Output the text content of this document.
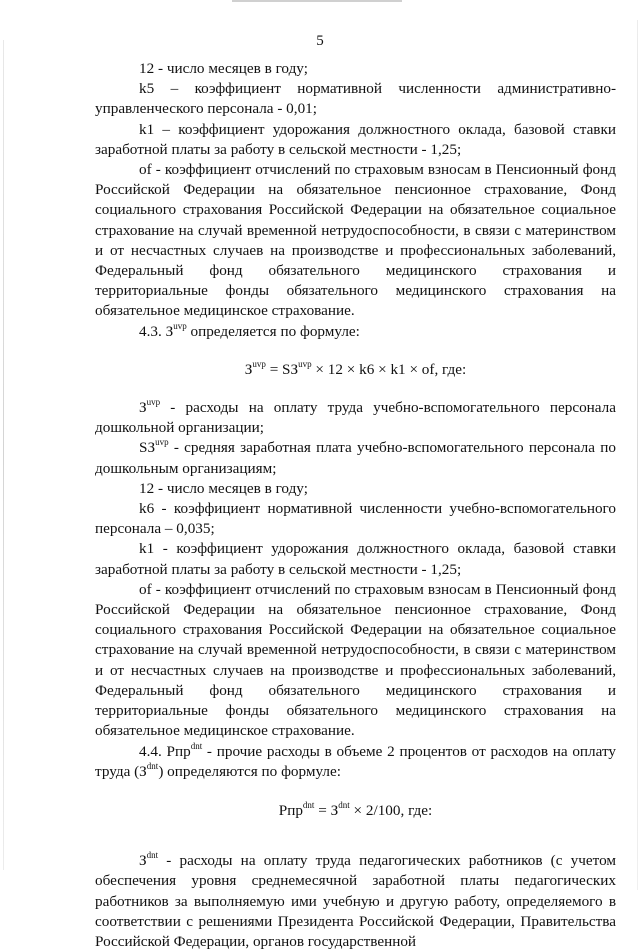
5

12 - число месяцев в году;

k5 – коэффициент нормативной численности административно-управленческого персонала - 0,01;

k1 – коэффициент удорожания должностного оклада, базовой ставки заработной платы за работу в сельской местности - 1,25;

of - коэффициент отчислений по страховым взносам в Пенсионный фонд Российской Федерации на обязательное пенсионное страхование, Фонд социального страхования Российской Федерации на обязательное социальное страхование на случай временной нетрудоспособности, в связи с материнством и от несчастных случаев на производстве и профессиональных заболеваний, Федеральный фонд обязательного медицинского страхования и территориальные фонды обязательного медицинского страхования на обязательное медицинское страхование.

4.3. $З^{uvp}$ определяется по формуле:

$З^{uvp} = SЗ^{uvp} \times 12 \times k6 \times k1$ × of, где:

$З^{uvp}$ - расходы на оплату труда учебно-вспомогательного персонала дошкольной организации;

$SЗ^{uvp}$ - средняя заработная плата учебно-вспомогательного персонала по дошкольным организациям;

12 - число месяцев в году;

k6 - коэффициент нормативной численности учебно-вспомогательного персонала – 0,035;

k1 - коэффициент удорожания должностного оклада, базовой ставки заработной платы за работу в сельской местности - 1,25;

of - коэффициент отчислений по страховым взносам в Пенсионный фонд Российской Федерации на обязательное пенсионное страхование, Фонд социального страхования Российской Федерации на обязательное социальное страхование на случай временной нетрудоспособности, в связи с материнством и от несчастных случаев на производстве и профессиональных заболеваний, Федеральный фонд обязательного медицинского страхования и территориальные фонды обязательного медицинского страхования на обязательное медицинское страхование.

4.4. Рпр$^{dnt}$ - прочие расходы в объеме 2 процентов от расходов на оплату труда $(З^{dnt})$ определяются по формуле:

$Рпр^{dnt} = З^{dnt} \times 2/100$, где:

$З^{dnt}$ - расходы на оплату труда педагогических работников (с учетом обеспечения уровня среднемесячной заработной платы педагогических работников за выполняемую ими учебную и другую работу, определяемого в соответствии с решениями Президента Российской Федерации, Правительства Российской Федерации, органов государственной
